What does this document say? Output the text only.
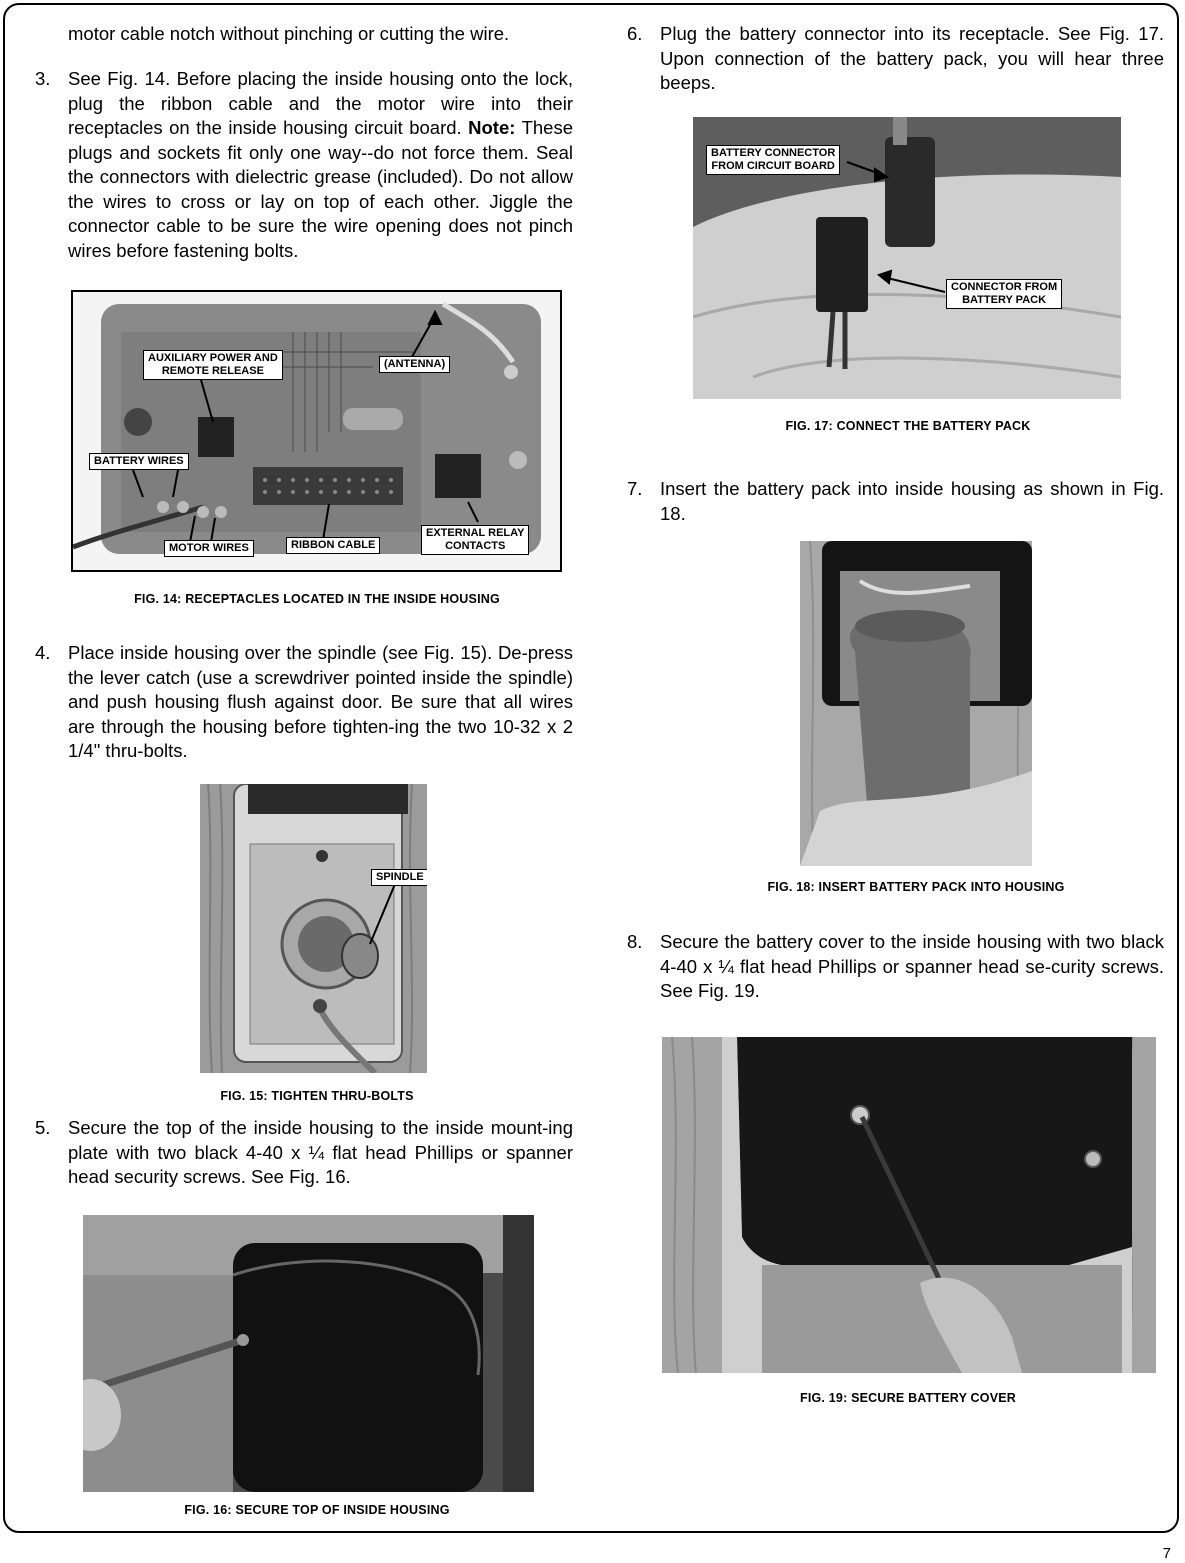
motor cable notch without pinching or cutting the wire.
3. See Fig. 14. Before placing the inside housing onto the lock, plug the ribbon cable and the motor wire into their receptacles on the inside housing circuit board. Note: These plugs and sockets fit only one way--do not force them. Seal the connectors with dielectric grease (included). Do not allow the wires to cross or lay on top of each other. Jiggle the connector cable to be sure the wire opening does not pinch wires before fastening bolts.
AUXILIARY POWER AND
REMOTE RELEASE
(ANTENNA)
BATTERY WIRES
MOTOR WIRES	RIBBON CABLE
EXTERNAL RELAY
CONTACTS
FIG. 14: RECEPTACLES LOCATED IN THE INSIDE HOUSING
4. Place inside housing over the spindle (see Fig. 15). De-press the lever catch (use a screwdriver pointed inside the spindle) and push housing flush against door. Be sure that all wires are through the housing before tighten-ing the two 10-32 x 2 1/4" thru-bolts.
SPINDLE
FIG. 15: TIGHTEN THRU-BOLTS
5. Secure the top of the inside housing to the inside mount-ing plate with two black 4-40 x ¼ flat head Phillips or spanner head security screws. See Fig. 16.
FIG. 16: SECURE TOP OF INSIDE HOUSING
6. Plug the battery connector into its receptacle. See Fig. 17. Upon connection of the battery pack, you will hear three beeps.
BATTERY CONNECTOR
FROM CIRCUIT BOARD
CONNECTOR FROM
BATTERY PACK
FIG. 17: CONNECT THE BATTERY PACK
7. Insert the battery pack into inside housing as shown in Fig. 18.
FIG. 18: INSERT BATTERY PACK INTO HOUSING
8. Secure the battery cover to the inside housing with two black 4-40 x ¼ flat head Phillips or spanner head se-curity screws. See Fig. 19.
FIG. 19: SECURE BATTERY COVER
7
